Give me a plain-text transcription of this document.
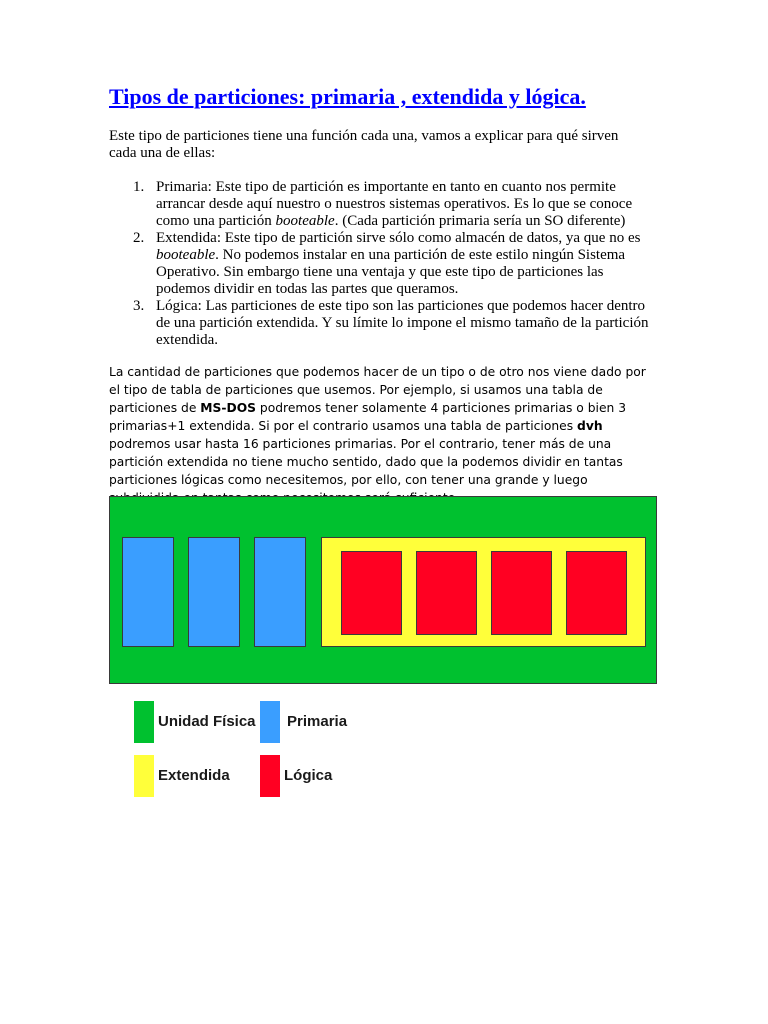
Tipos de particiones: primaria , extendida y lógica.
Este tipo de particiones tiene una función cada una, vamos a explicar para qué sirven cada una de ellas:
1. Primaria: Este tipo de partición es importante en tanto en cuanto nos permite arrancar desde aquí nuestro o nuestros sistemas operativos. Es lo que se conoce como una partición booteable. (Cada partición primaria sería un SO diferente)
2. Extendida: Este tipo de partición sirve sólo como almacén de datos, ya que no es booteable. No podemos instalar en una partición de este estilo ningún Sistema Operativo. Sin embargo tiene una ventaja y que este tipo de particiones las podemos dividir en todas las partes que queramos.
3. Lógica: Las particiones de este tipo son las particiones que podemos hacer dentro de una partición extendida. Y su límite lo impone el mismo tamaño de la partición extendida.
La cantidad de particiones que podemos hacer de un tipo o de otro nos viene dado por el tipo de tabla de particiones que usemos. Por ejemplo, si usamos una tabla de particiones de MS-DOS podremos tener solamente 4 particiones primarias o bien 3 primarias+1 extendida. Si por el contrario usamos una tabla de particiones dvh podremos usar hasta 16 particiones primarias. Por el contrario, tener más de una partición extendida no tiene mucho sentido, dado que la podemos dividir en tantas particiones lógicas como necesitemos, por ello, con tener una grande y luego
Unidad Física Primaria
Extendida	Lógica
